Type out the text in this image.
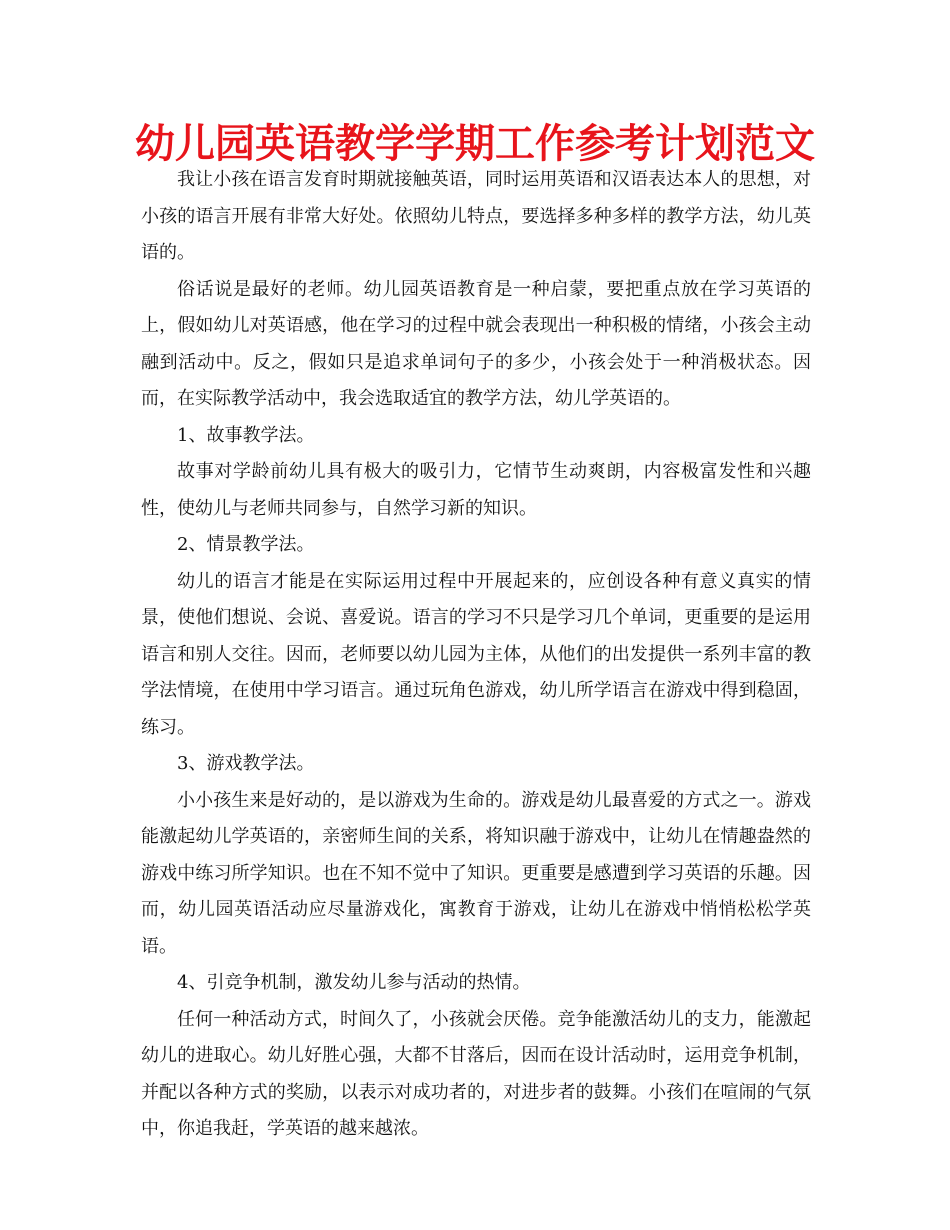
幼儿园英语教学学期工作参考计划范文

我让小孩在语言发育时期就接触英语，同时运用英语和汉语表达本人的思想，对小孩的语言开展有非常大好处。依照幼儿特点，要选择多种多样的教学方法，幼儿英语的。

俗话说是最好的老师。幼儿园英语教育是一种启蒙，要把重点放在学习英语的上，假如幼儿对英语感，他在学习的过程中就会表现出一种积极的情绪，小孩会主动融到活动中。反之，假如只是追求单词句子的多少，小孩会处于一种消极状态。因而，在实际教学活动中，我会选取适宜的教学方法，幼儿学英语的。

1、故事教学法。

故事对学龄前幼儿具有极大的吸引力，它情节生动爽朗，内容极富发性和兴趣性，使幼儿与老师共同参与，自然学习新的知识。

2、情景教学法。

幼儿的语言才能是在实际运用过程中开展起来的，应创设各种有意义真实的情景，使他们想说、会说、喜爱说。语言的学习不只是学习几个单词，更重要的是运用语言和别人交往。因而，老师要以幼儿园为主体，从他们的出发提供一系列丰富的教学法情境，在使用中学习语言。通过玩角色游戏，幼儿所学语言在游戏中得到稳固，练习。

3、游戏教学法。

小小孩生来是好动的，是以游戏为生命的。游戏是幼儿最喜爱的方式之一。游戏能激起幼儿学英语的，亲密师生间的关系，将知识融于游戏中，让幼儿在情趣盎然的游戏中练习所学知识。也在不知不觉中了知识。更重要是感遭到学习英语的乐趣。因而，幼儿园英语活动应尽量游戏化，寓教育于游戏，让幼儿在游戏中悄悄松松学英语。

4、引竞争机制，激发幼儿参与活动的热情。

任何一种活动方式，时间久了，小孩就会厌倦。竞争能激活幼儿的支力，能激起幼儿的进取心。幼儿好胜心强，大都不甘落后，因而在设计活动时，运用竞争机制，并配以各种方式的奖励，以表示对成功者的，对进步者的鼓舞。小孩们在喧闹的气氛中，你追我赶，学英语的越来越浓。
